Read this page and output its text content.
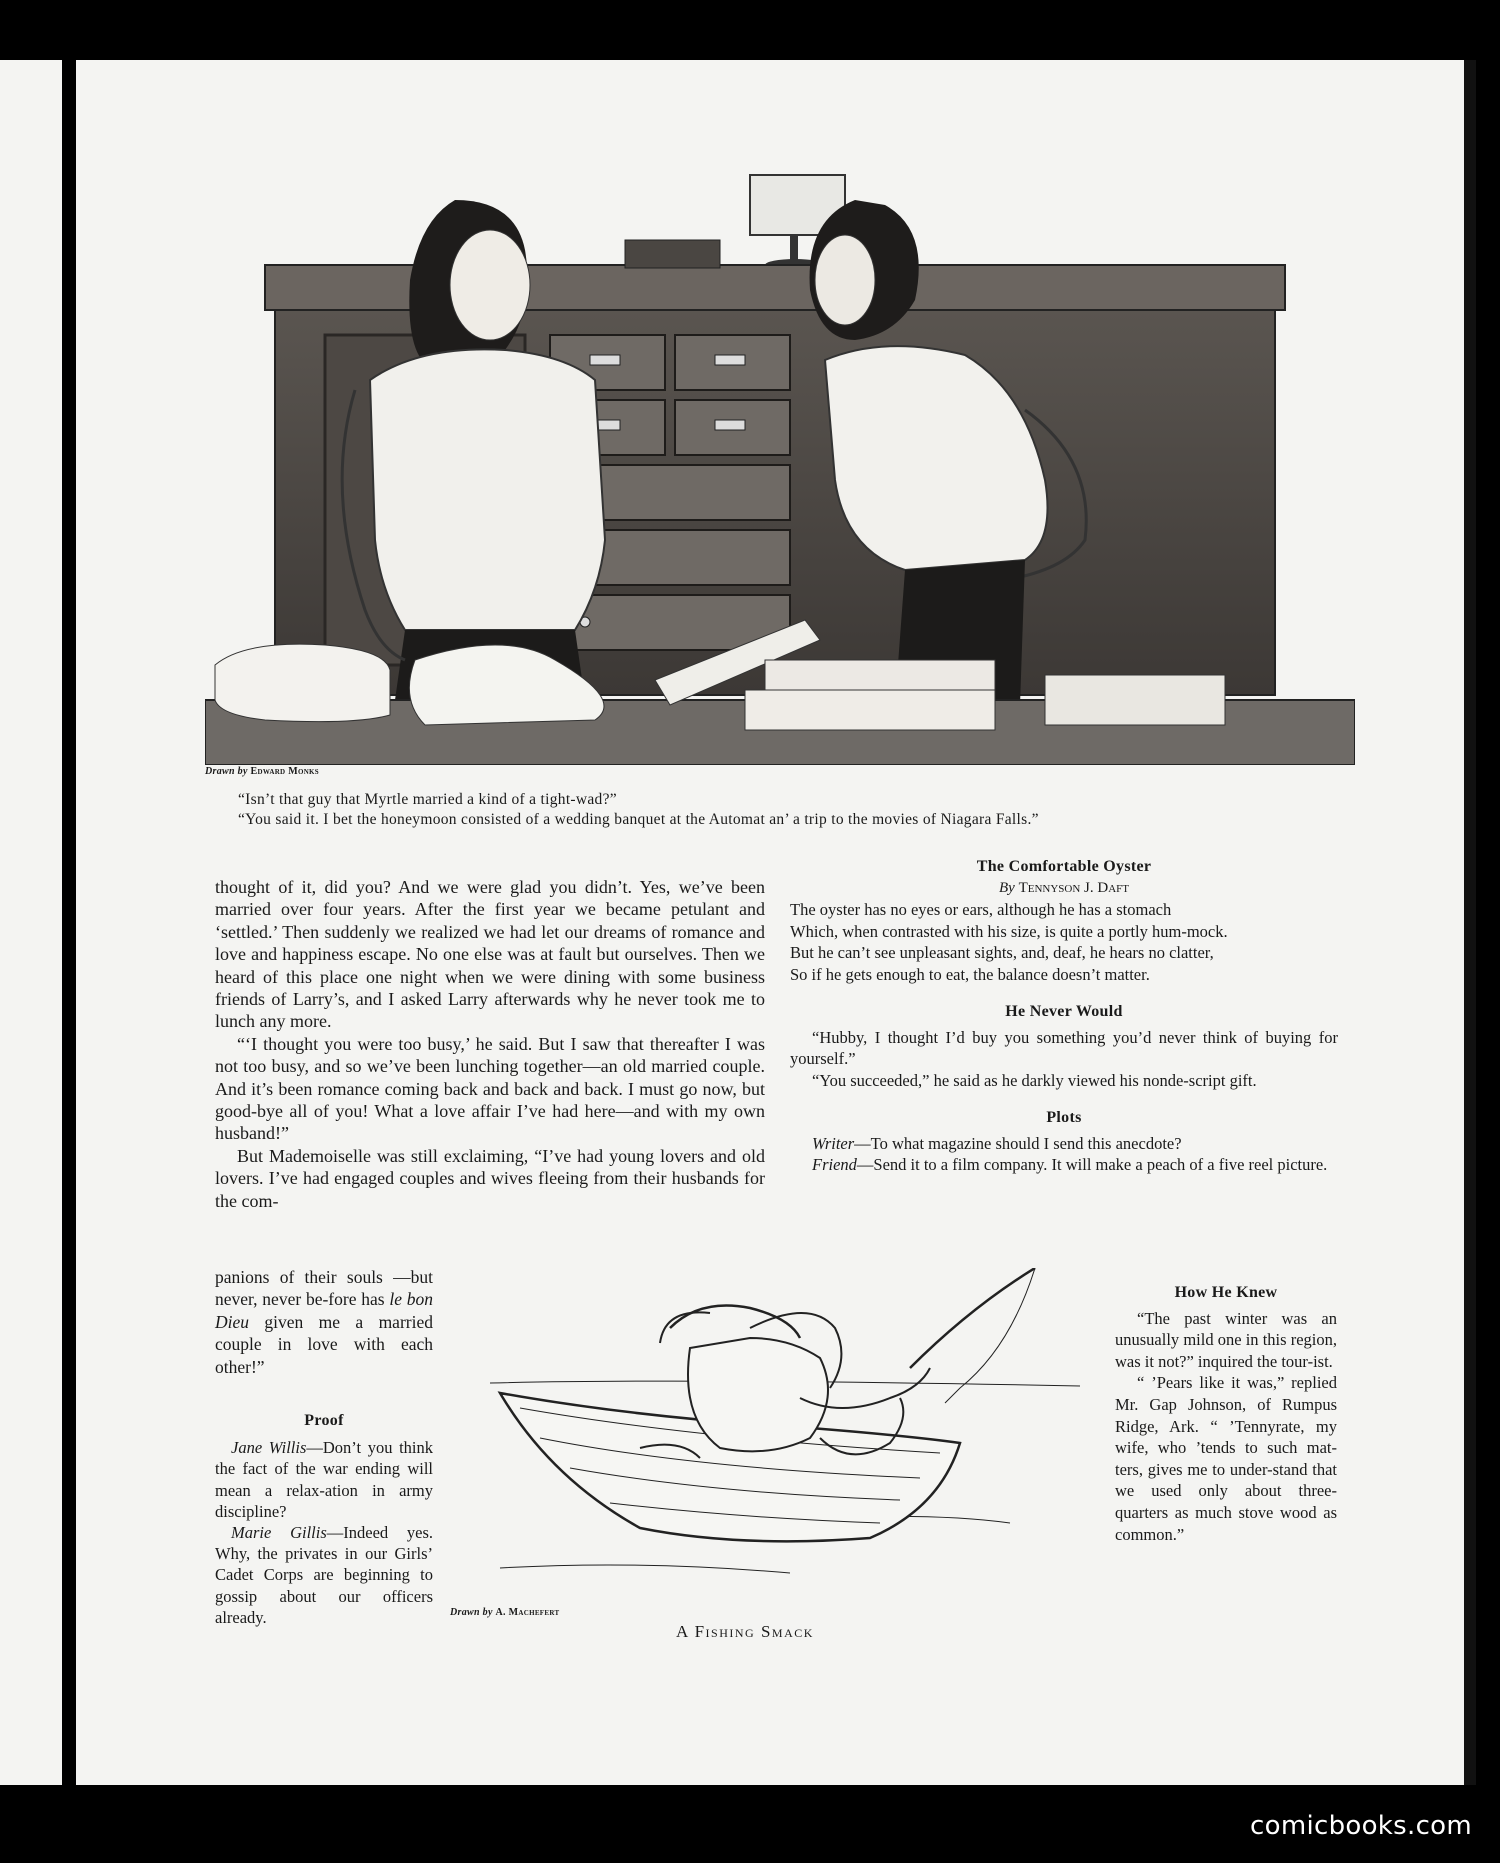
Drawn by Edward Monks

“Isn’t that guy that Myrtle married a kind of a tight-wad?”

“You said it. I bet the honeymoon consisted of a wedding banquet at the Automat an’ a trip to the movies of Niagara Falls.”

thought of it, did you? And we were glad you didn’t. Yes, we’ve been married over four years. After the first year we became petulant and ‘settled.’ Then suddenly we realized we had let our dreams of romance and love and happiness escape. No one else was at fault but ourselves. Then we heard of this place one night when we were dining with some business friends of Larry’s, and I asked Larry afterwards why he never took me to lunch any more.

“‘I thought you were too busy,’ he said. But I saw that thereafter I was not too busy, and so we’ve been lunching together—an old married couple. And it’s been romance coming back and back and back. I must go now, but good-bye all of you! What a love affair I’ve had here—and with my own husband!”

But Mademoiselle was still exclaiming, “I’ve had young lovers and old lovers. I’ve had engaged couples and wives fleeing from their husbands for the com-

panions of their souls —but never, never be-fore has le bon Dieu given me a married couple in love with each other!”

Proof

Jane Willis—Don’t you think the fact of the war ending will mean a relax-ation in army discipline?

Marie Gillis—Indeed yes. Why, the privates in our Girls’ Cadet Corps are beginning to gossip about our officers already.

The Comfortable Oyster

By Tennyson J. Daft

The oyster has no eyes or ears, although he has a stomach

Which, when contrasted with his size, is quite a portly hum-mock.

But he can’t see unpleasant sights, and, deaf, he hears no clatter,

So if he gets enough to eat, the balance doesn’t matter.

He Never Would

“Hubby, I thought I’d buy you something you’d never think of buying for yourself.”

“You succeeded,” he said as he darkly viewed his nonde-script gift.

Plots

Writer—To what magazine should I send this anecdote?

Friend—Send it to a film company. It will make a peach of a five reel picture.

How He Knew

“The past winter was an unusually mild one in this region, was it not?” inquired the tour-ist.

“ ’Pears like it was,” replied Mr. Gap Johnson, of Rumpus Ridge, Ark. “ ’Tennyrate, my wife, who ’tends to such mat-ters, gives me to under-stand that we used only about three-quarters as much stove wood as common.”

Drawn by A. Machefert
A Fishing Smack
comicbooks.com
